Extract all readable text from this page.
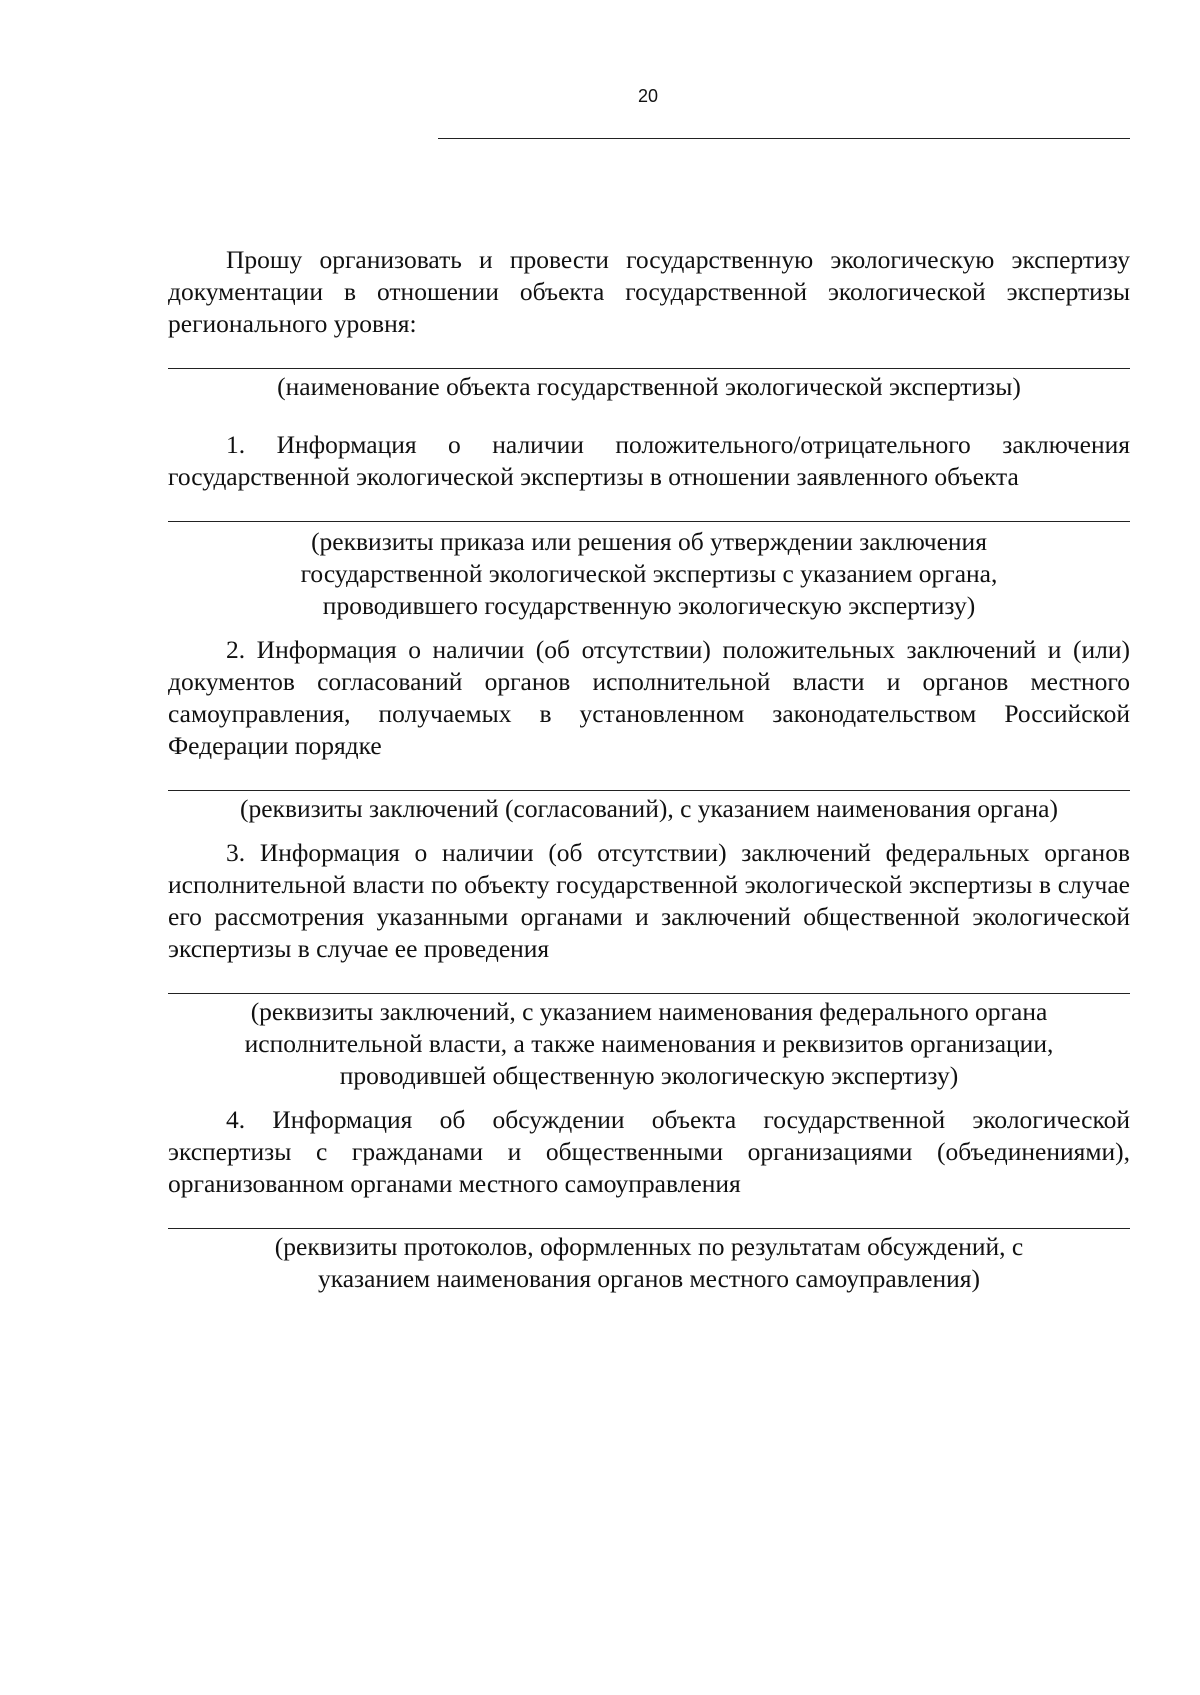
20

Прошу организовать и провести государственную экологическую экспертизу документации в отношении объекта государственной экологической экспертизы регионального уровня:

(наименование объекта государственной экологической экспертизы)

1. Информация о наличии положительного/отрицательного заключения государственной экологической экспертизы в отношении заявленного объекта

(реквизиты приказа или решения об утверждении заключения государственной экологической экспертизы с указанием органа, проводившего государственную экологическую экспертизу)

2. Информация о наличии (об отсутствии) положительных заключений и (или) документов согласований органов исполнительной власти и органов местного самоуправления, получаемых в установленном законодательством Российской Федерации порядке

(реквизиты заключений (согласований), с указанием наименования органа)

3. Информация о наличии (об отсутствии) заключений федеральных органов исполнительной власти по объекту государственной экологической экспертизы в случае его рассмотрения указанными органами и заключений общественной экологической экспертизы в случае ее проведения

(реквизиты заключений, с указанием наименования федерального органа исполнительной власти, а также наименования и реквизитов организации, проводившей общественную экологическую экспертизу)

4. Информация об обсуждении объекта государственной экологической экспертизы с гражданами и общественными организациями (объединениями), организованном органами местного самоуправления

(реквизиты протоколов, оформленных по результатам обсуждений, с указанием наименования органов местного самоуправления)
